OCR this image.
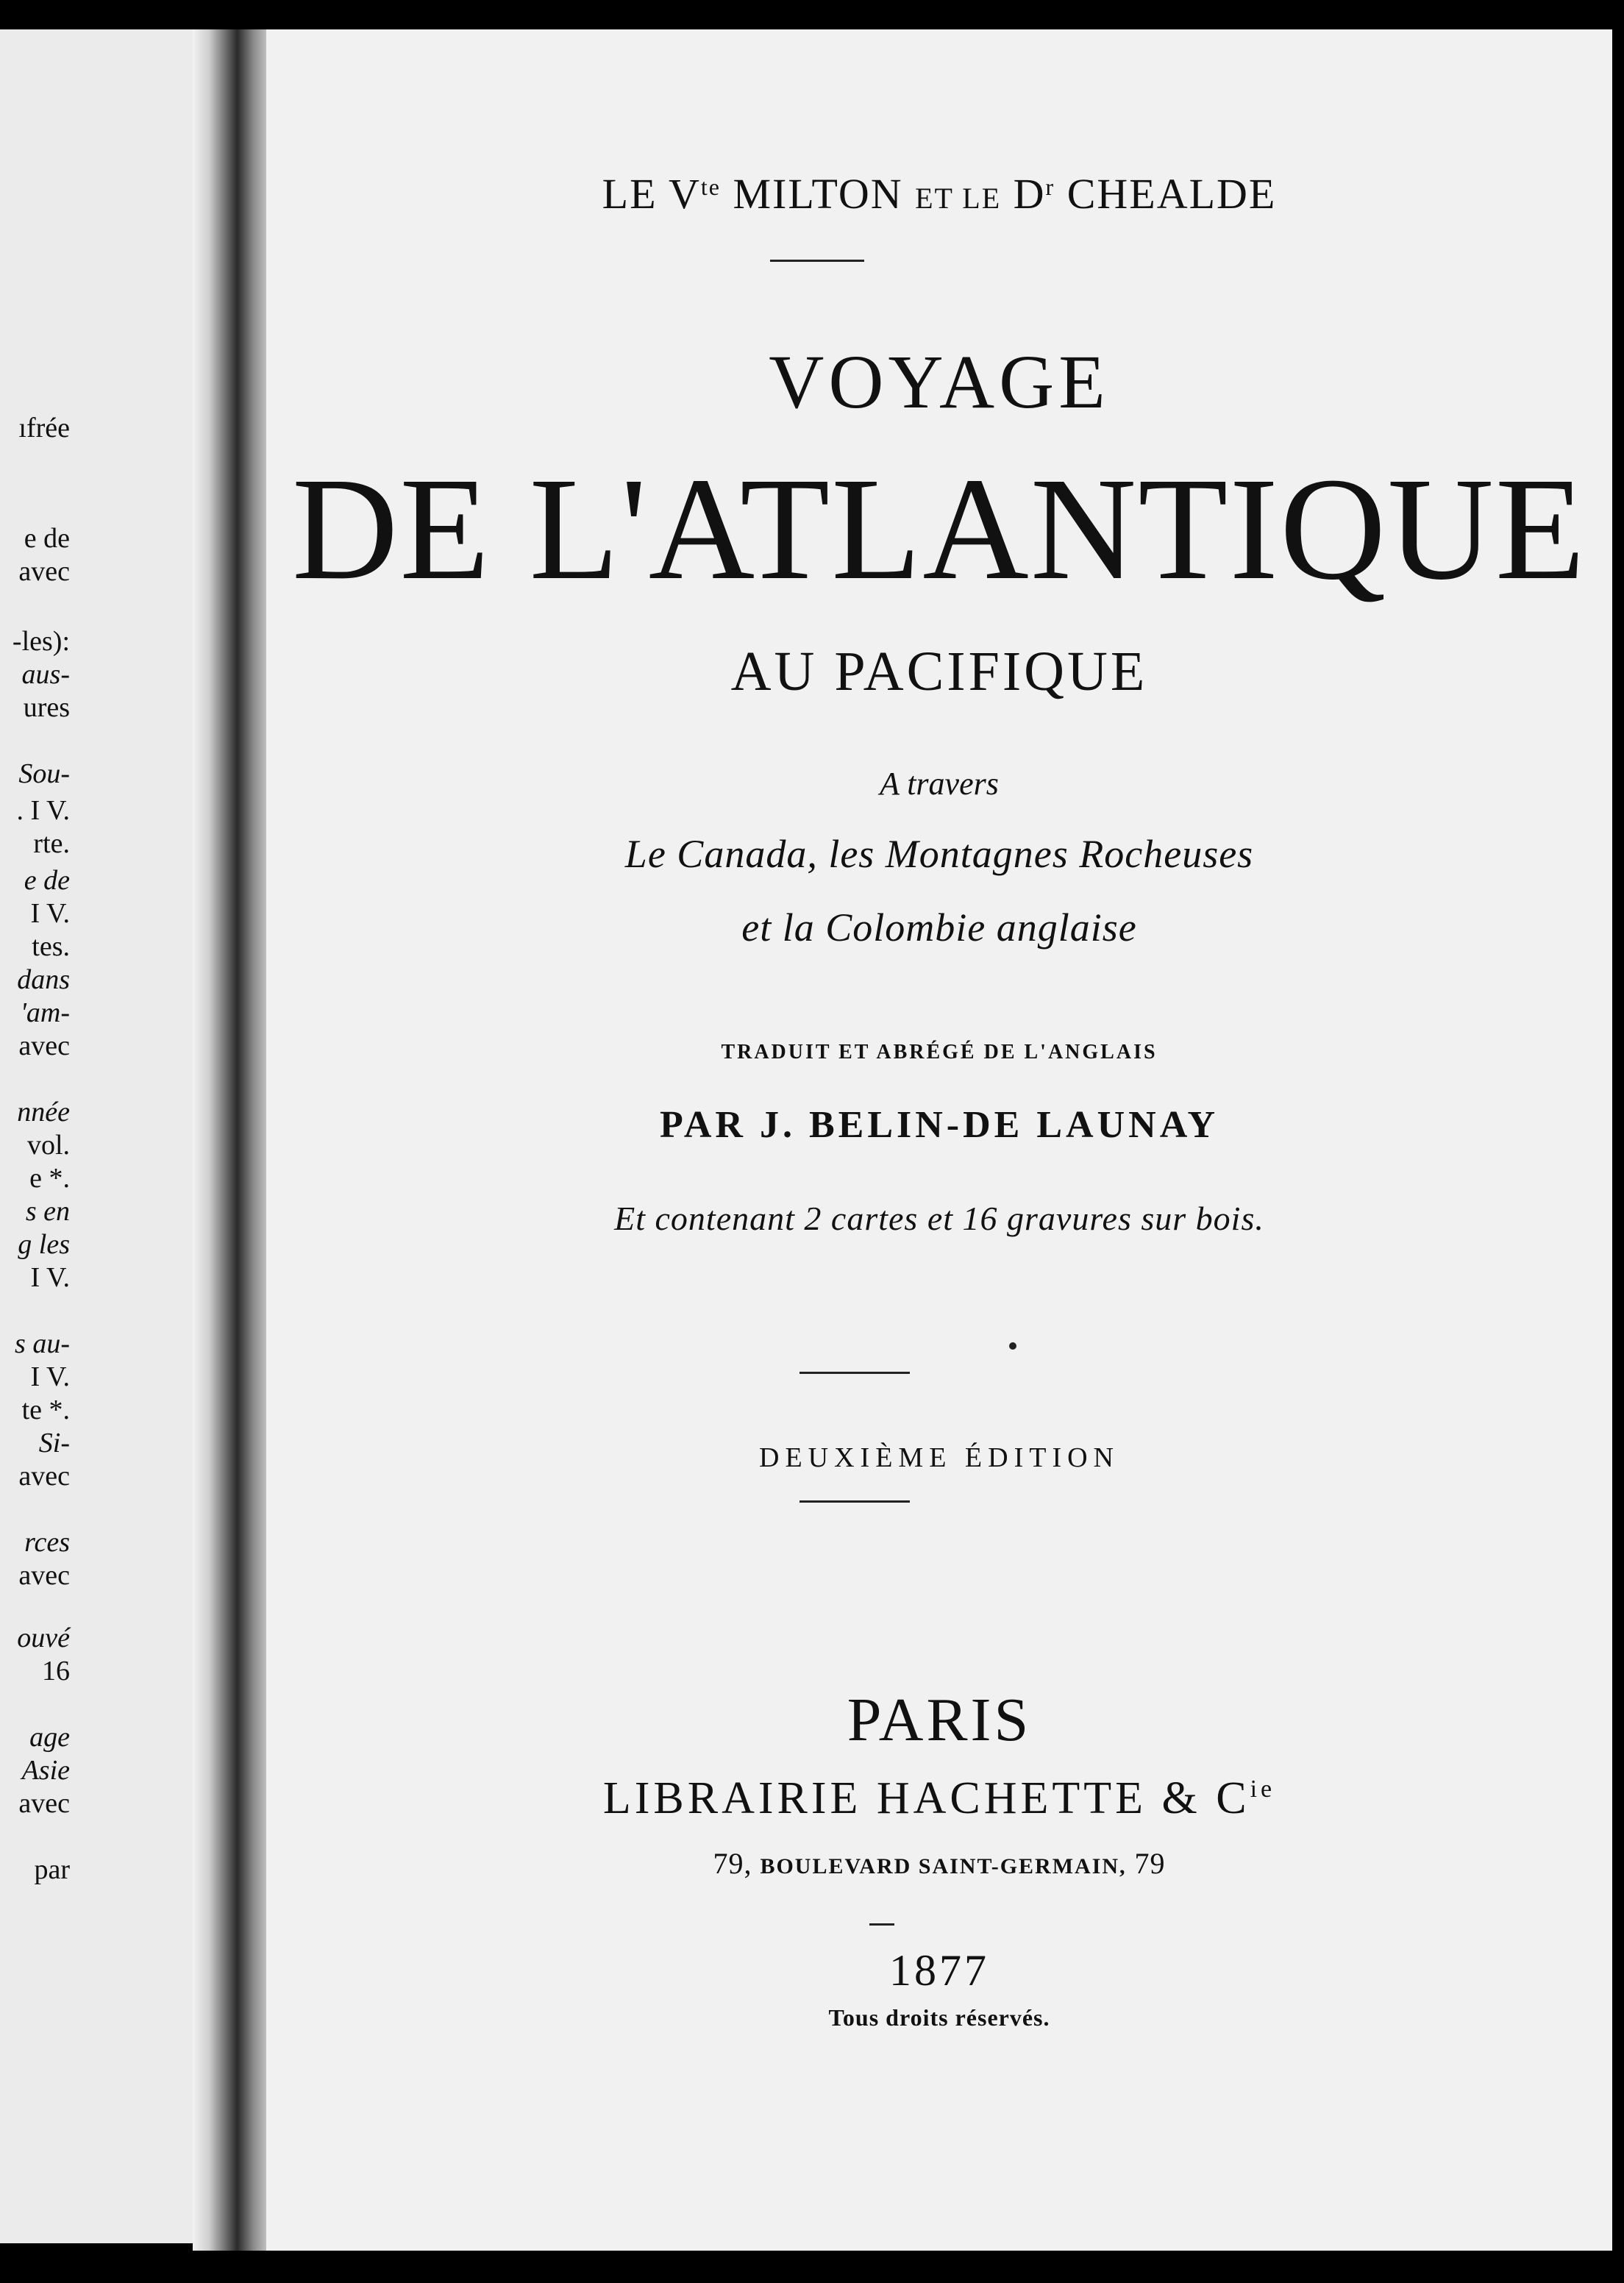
ıfrée
e de
avec
-les):
aus-
ures
Sou-
. I V.
rte.
e de
I V.
tes.
dans
'am-
avec
nnée
vol.
e *.
s en
g les
I V.
s au-
I V.
te *.
Si-
avec
rces
avec
ouvé
16
age
Asie
avec
par
LE $V^{te}$ MILTON ET LE $D^r$ CHEALDE
VOYAGE
DE L'ATLANTIQUE
AU PACIFIQUE
A travers
Le Canada, les Montagnes Rocheuses
et la Colombie anglaise
TRADUIT ET ABRÉGÉ DE L'ANGLAIS
PAR J. BELIN-DE LAUNAY
Et contenant 2 cartes et 16 gravures sur bois.
DEUXIÈME ÉDITION
PARIS
LIBRAIRIE HACHETTE & $C^{ie}$
79, BOULEVARD SAINT-GERMAIN, 79
1877
Tous droits réservés.
